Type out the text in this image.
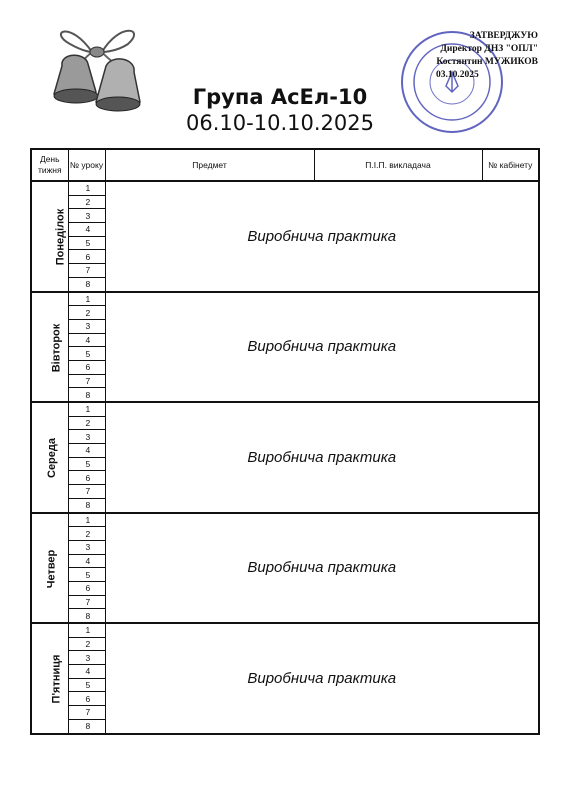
Група АсЕл-10
06.10-10.10.2025
ЗАТВЕРДЖУЮ
Директор ДНЗ "ОПЛ"
Костянтин МУЖИКОВ
03.10.2025
День тижня	№ уроку	Предмет	П.І.П. викладача	№ кабінету
Понеділок	1	Виробнича практика		
	2			
	3			
	4			
	5			
	6			
	7			
	8			
Вівторок	1	Виробнича практика		
	2			
	3			
	4			
	5			
	6			
	7			
	8			
Середа	1	Виробнича практика		
	2			
	3			
	4			
	5			
	6			
	7			
	8			
Четвер	1	Виробнича практика		
	2			
	3			
	4			
	5			
	6			
	7			
	8			
П'ятниця	1	Виробнича практика		
	2			
	3			
	4			
	5			
	6			
	7			
	8			
